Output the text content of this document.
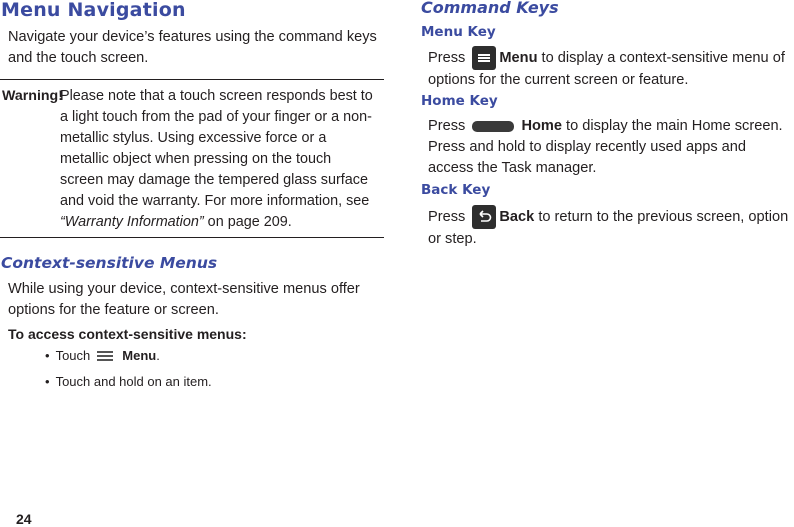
Menu Navigation

Navigate your device’s features using the command keys and the touch screen.

Warning!

Please note that a touch screen responds best to a light touch from the pad of your finger or a non-metallic stylus. Using excessive force or a metallic object when pressing on the touch screen may damage the tempered glass surface and void the warranty. For more information, see “Warranty Information” on page 209.

Context-sensitive Menus

While using your device, context-sensitive menus offer options for the feature or screen.

To access context-sensitive menus:
• Touch Menu .
• Touch and hold on an item.
Command Keys
Menu Key

Press Menu to display a context-sensitive menu of options for the current screen or feature.

Home Key

Press	Home to display the main Home screen. Press and hold to display recently used apps and access the Task manager.

Back Key

Press Back to return to the previous screen, option or step.

24
